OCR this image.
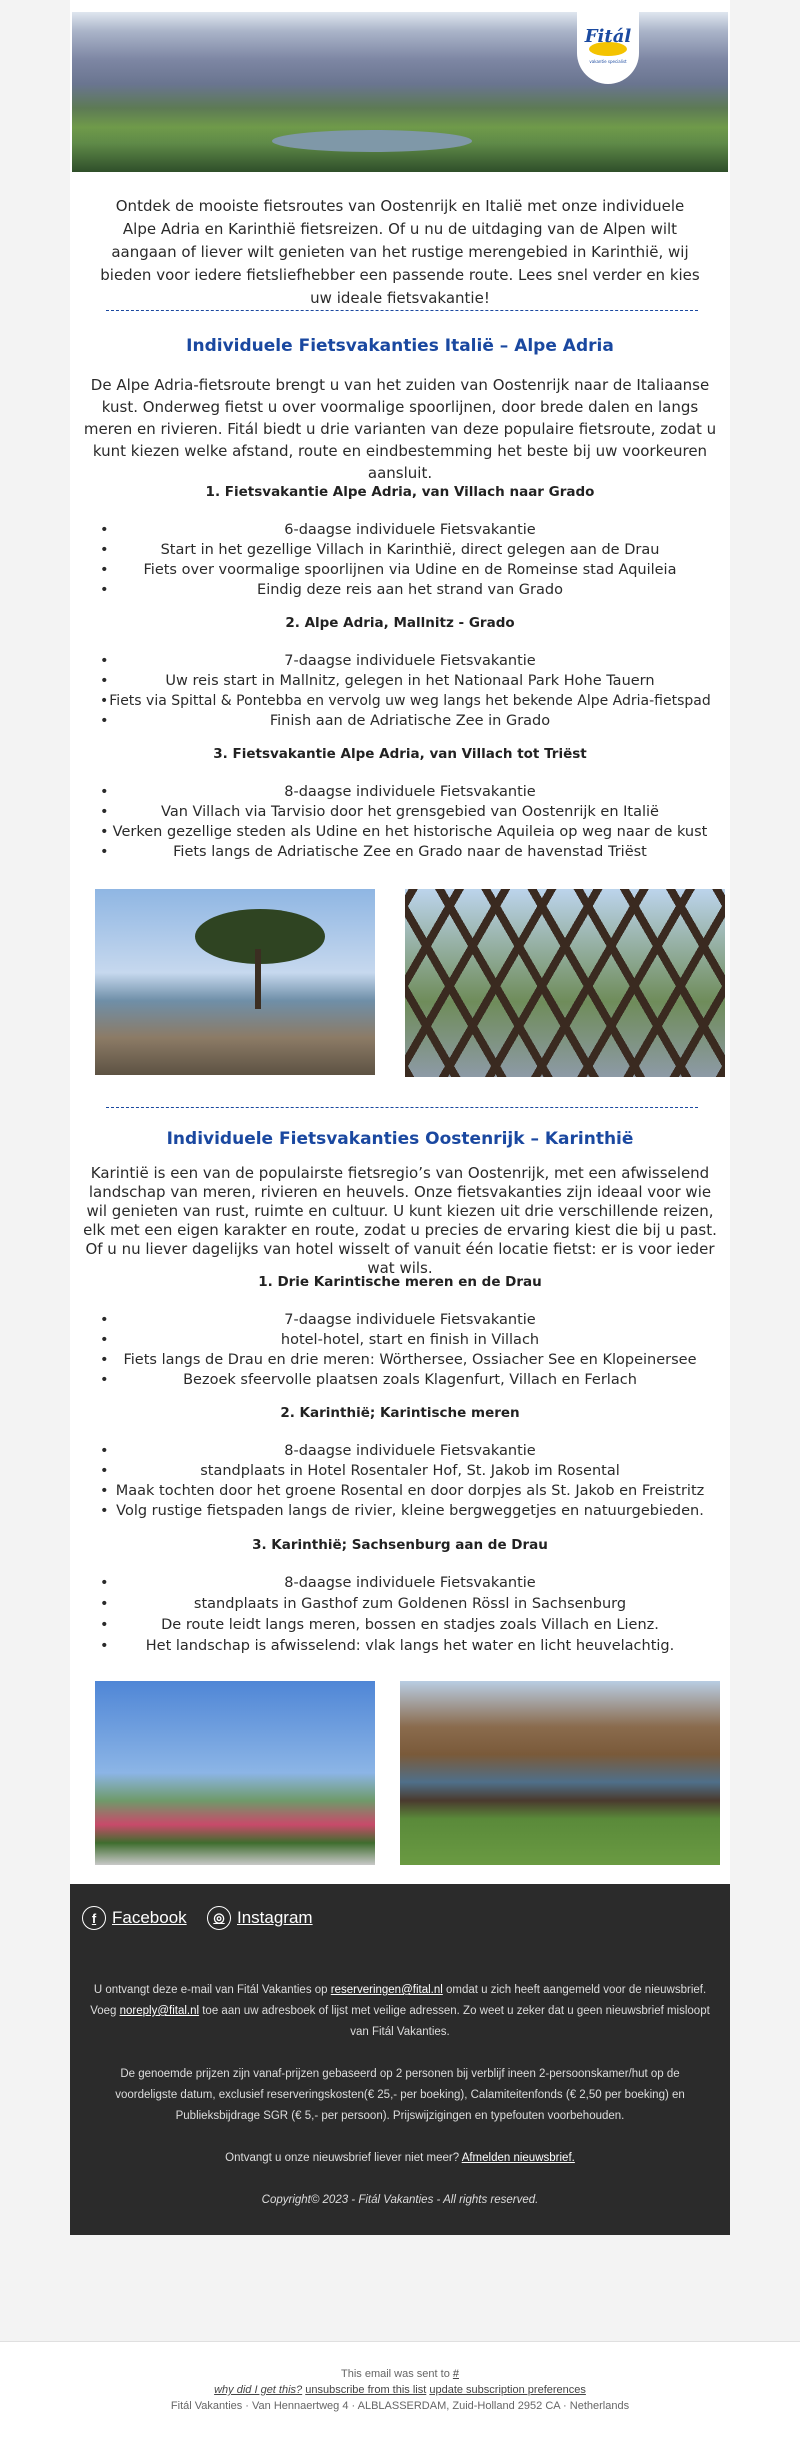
Fitál
vakantie specialist
Ontdek de mooiste fietsroutes van Oostenrijk en Italië met onze individuele Alpe Adria en Karinthië fietsreizen. Of u nu de uitdaging van de Alpen wilt aangaan of liever wilt genieten van het rustige merengebied in Karinthië, wij bieden voor iedere fietsliefhebber een passende route. Lees snel verder en kies uw ideale fietsvakantie!
Individuele Fietsvakanties Italië – Alpe Adria
De Alpe Adria-fietsroute brengt u van het zuiden van Oostenrijk naar de Italiaanse kust. Onderweg fietst u over voormalige spoorlijnen, door brede dalen en langs meren en rivieren. Fitál biedt u drie varianten van deze populaire fietsroute, zodat u kunt kiezen welke afstand, route en eindbestemming het beste bij uw voorkeuren aansluit.
1. Fietsvakantie Alpe Adria, van Villach naar Grado
• 6-daagse individuele Fietsvakantie
• Start in het gezellige Villach in Karinthië, direct gelegen aan de Drau
• Fiets over voormalige spoorlijnen via Udine en de Romeinse stad Aquileia
• Eindig deze reis aan het strand van Grado
2. Alpe Adria, Mallnitz - Grado
• 7-daagse individuele Fietsvakantie
• Uw reis start in Mallnitz, gelegen in het Nationaal Park Hohe Tauern
• Fiets via Spittal & Pontebba en vervolg uw weg langs het bekende Alpe Adria-fietspad
• Finish aan de Adriatische Zee in Grado
3. Fietsvakantie Alpe Adria, van Villach tot Triëst
• 8-daagse individuele Fietsvakantie
• Van Villach via Tarvisio door het grensgebied van Oostenrijk en Italië
• Verken gezellige steden als Udine en het historische Aquileia op weg naar de kust
• Fiets langs de Adriatische Zee en Grado naar de havenstad Triëst
Individuele Fietsvakanties Oostenrijk – Karinthië
Karintië is een van de populairste fietsregio’s van Oostenrijk, met een afwisselend landschap van meren, rivieren en heuvels. Onze fietsvakanties zijn ideaal voor wie wil genieten van rust, ruimte en cultuur. U kunt kiezen uit drie verschillende reizen, elk met een eigen karakter en route, zodat u precies de ervaring kiest die bij u past. Of u nu liever dagelijks van hotel wisselt of vanuit één locatie fietst: er is voor ieder wat wils.
1. Drie Karintische meren en de Drau
• 7-daagse individuele Fietsvakantie
• hotel-hotel, start en finish in Villach
• Fiets langs de Drau en drie meren: Wörthersee, Ossiacher See en Klopeinersee
• Bezoek sfeervolle plaatsen zoals Klagenfurt, Villach en Ferlach
2. Karinthië; Karintische meren
• 8-daagse individuele Fietsvakantie
• standplaats in Hotel Rosentaler Hof, St. Jakob im Rosental
• Maak tochten door het groene Rosental en door dorpjes als St. Jakob en Freistritz
• Volg rustige fietspaden langs de rivier, kleine bergweggetjes en natuurgebieden.
3. Karinthië; Sachsenburg aan de Drau
• 8-daagse individuele Fietsvakantie
• standplaats in Gasthof zum Goldenen Rössl in Sachsenburg
• De route leidt langs meren, bossen en stadjes zoals Villach en Lienz.
• Het landschap is afwisselend: vlak langs het water en licht heuvelachtig.
f Facebook	◎ Instagram
U ontvangt deze e-mail van Fitál Vakanties op reserveringen@fital.nl omdat u zich heeft aangemeld voor de nieuwsbrief. Voeg noreply@fital.nl toe aan uw adresboek of lijst met veilige adressen. Zo weet u zeker dat u geen nieuwsbrief misloopt van Fitál Vakanties.
De genoemde prijzen zijn vanaf-prijzen gebaseerd op 2 personen bij verblijf ineen 2-persoonskamer/hut op de voordeligste datum, exclusief reserveringskosten(€ 25,- per boeking), Calamiteitenfonds (€ 2,50 per boeking) en Publieksbijdrage SGR (€ 5,- per persoon). Prijswijzigingen en typefouten voorbehouden.
Ontvangt u onze nieuwsbrief liever niet meer? Afmelden nieuwsbrief.
Copyright© 2023 - Fitál Vakanties - All rights reserved.
This email was sent to #
why did I get this? unsubscribe from this list update subscription preferences
Fitál Vakanties · Van Hennaertweg 4 · ALBLASSERDAM, Zuid-Holland 2952 CA · Netherlands
